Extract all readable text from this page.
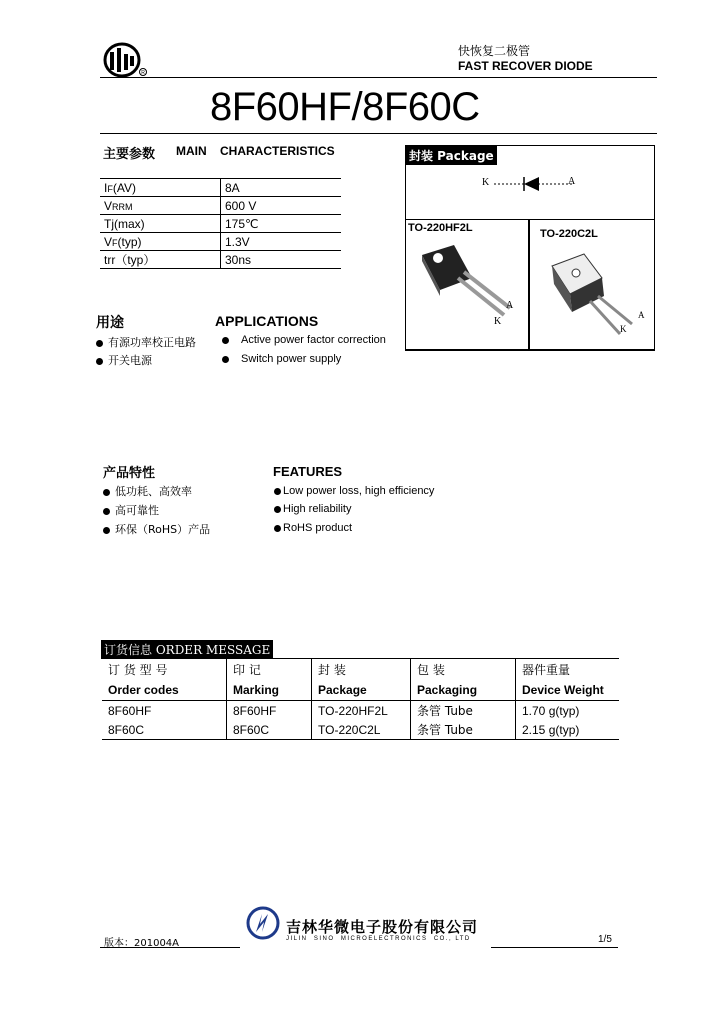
R
快恢复二极管
FAST RECOVER DIODE
8F60HF/8F60C
主要参数 MAIN    CHARACTERISTICS
IF(AV)	8A
VRRM	600 V
Tj(max)	175℃
VF(typ)	1.3V
trr（typ）	30ns
封装 Package
K	A
TO-220HF2L
A
K
TO-220C2L
A
K
用途	APPLICATIONS
有源功率校正电路
开关电源
Active power factor correction
Switch power supply
产品特性	FEATURES
低功耗、高效率
高可靠性
环保（RoHS）产品
Low power loss, high efficiency
High reliability
RoHS product
订货信息 ORDER MESSAGE
订 货 型 号	印 记	封 装	包 装	器件重量
Order codes	Marking	Package	Packaging	Device Weight
8F60HF	8F60HF	TO-220HF2L	条管 Tube	1.70 g(typ)
8F60C	8F60C	TO-220C2L	条管 Tube	2.15 g(typ)
吉林华微电子股份有限公司
JILIN  SINO  MICROELECTRONICS  CO., LTD
版本：201004A	1/5
